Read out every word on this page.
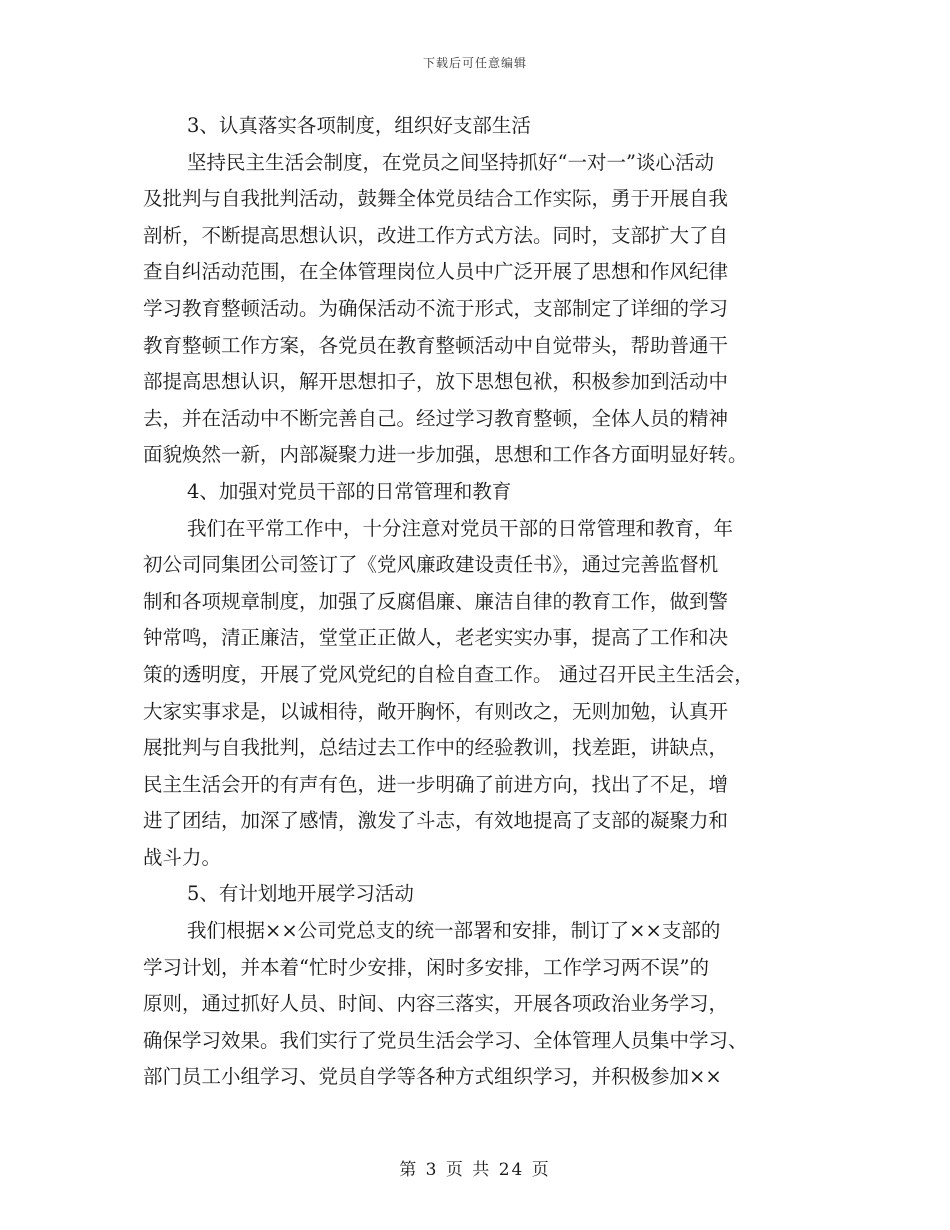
下载后可任意编辑
3、认真落实各项制度，组织好支部生活
坚持民主生活会制度，在党员之间坚持抓好“一对一”谈心活动
及批判与自我批判活动，鼓舞全体党员结合工作实际，勇于开展自我
剖析，不断提高思想认识，改进工作方式方法。同时，支部扩大了自
查自纠活动范围，在全体管理岗位人员中广泛开展了思想和作风纪律
学习教育整顿活动。为确保活动不流于形式，支部制定了详细的学习
教育整顿工作方案，各党员在教育整顿活动中自觉带头，帮助普通干
部提高思想认识，解开思想扣子，放下思想包袱，积极参加到活动中
去，并在活动中不断完善自己。经过学习教育整顿，全体人员的精神
面貌焕然一新，内部凝聚力进一步加强，思想和工作各方面明显好转。
4、加强对党员干部的日常管理和教育
我们在平常工作中，十分注意对党员干部的日常管理和教育，年
初公司同集团公司签订了《党风廉政建设责任书》，通过完善监督机
制和各项规章制度，加强了反腐倡廉、廉洁自律的教育工作，做到警
钟常鸣，清正廉洁，堂堂正正做人，老老实实办事，提高了工作和决
策的透明度，开展了党风党纪的自检自查工作。 通过召开民主生活会，
大家实事求是，以诚相待，敞开胸怀，有则改之，无则加勉，认真开
展批判与自我批判，总结过去工作中的经验教训，找差距，讲缺点，
民主生活会开的有声有色，进一步明确了前进方向，找出了不足，增
进了团结，加深了感情，激发了斗志，有效地提高了支部的凝聚力和
战斗力。
5、有计划地开展学习活动
我们根据××公司党总支的统一部署和安排，制订了××支部的
学习计划，并本着“忙时少安排，闲时多安排，工作学习两不误”的
原则，通过抓好人员、时间、内容三落实，开展各项政治业务学习，
确保学习效果。我们实行了党员生活会学习、全体管理人员集中学习、
部门员工小组学习、党员自学等各种方式组织学习，并积极参加××
第 3 页 共 24 页
